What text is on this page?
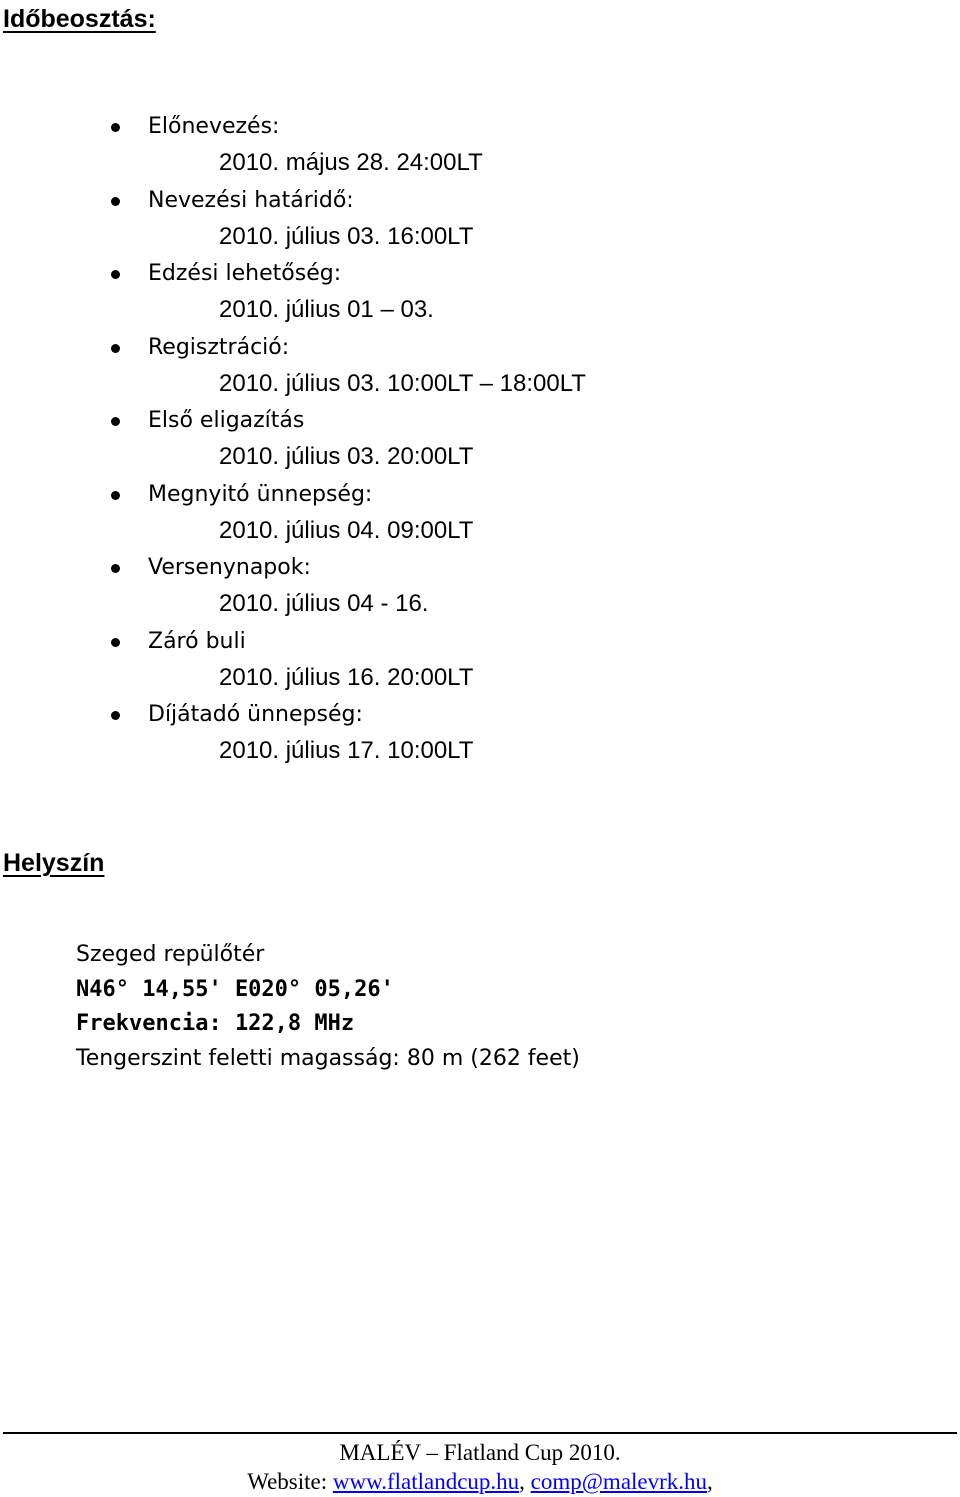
Időbeosztás:
Előnevezés:
2010. május 28. 24:00LT
Nevezési határidő:
2010. július 03. 16:00LT
Edzési lehetőség:
2010. július 01 – 03.
Regisztráció:
2010. július 03. 10:00LT – 18:00LT
Első eligazítás
2010. július 03. 20:00LT
Megnyitó ünnepség:
2010. július 04. 09:00LT
Versenynapok:
2010. július 04 - 16.
Záró buli
2010. július 16. 20:00LT
Díjátadó ünnepség:
2010. július 17. 10:00LT
Helyszín
Szeged repülőtér
N46° 14,55' E020° 05,26'
Frekvencia: 122,8 MHz
Tengerszint feletti magasság: 80 m (262 feet)
MALÉV – Flatland Cup 2010.
Website: www.flatlandcup.hu, comp@malevrk.hu,
